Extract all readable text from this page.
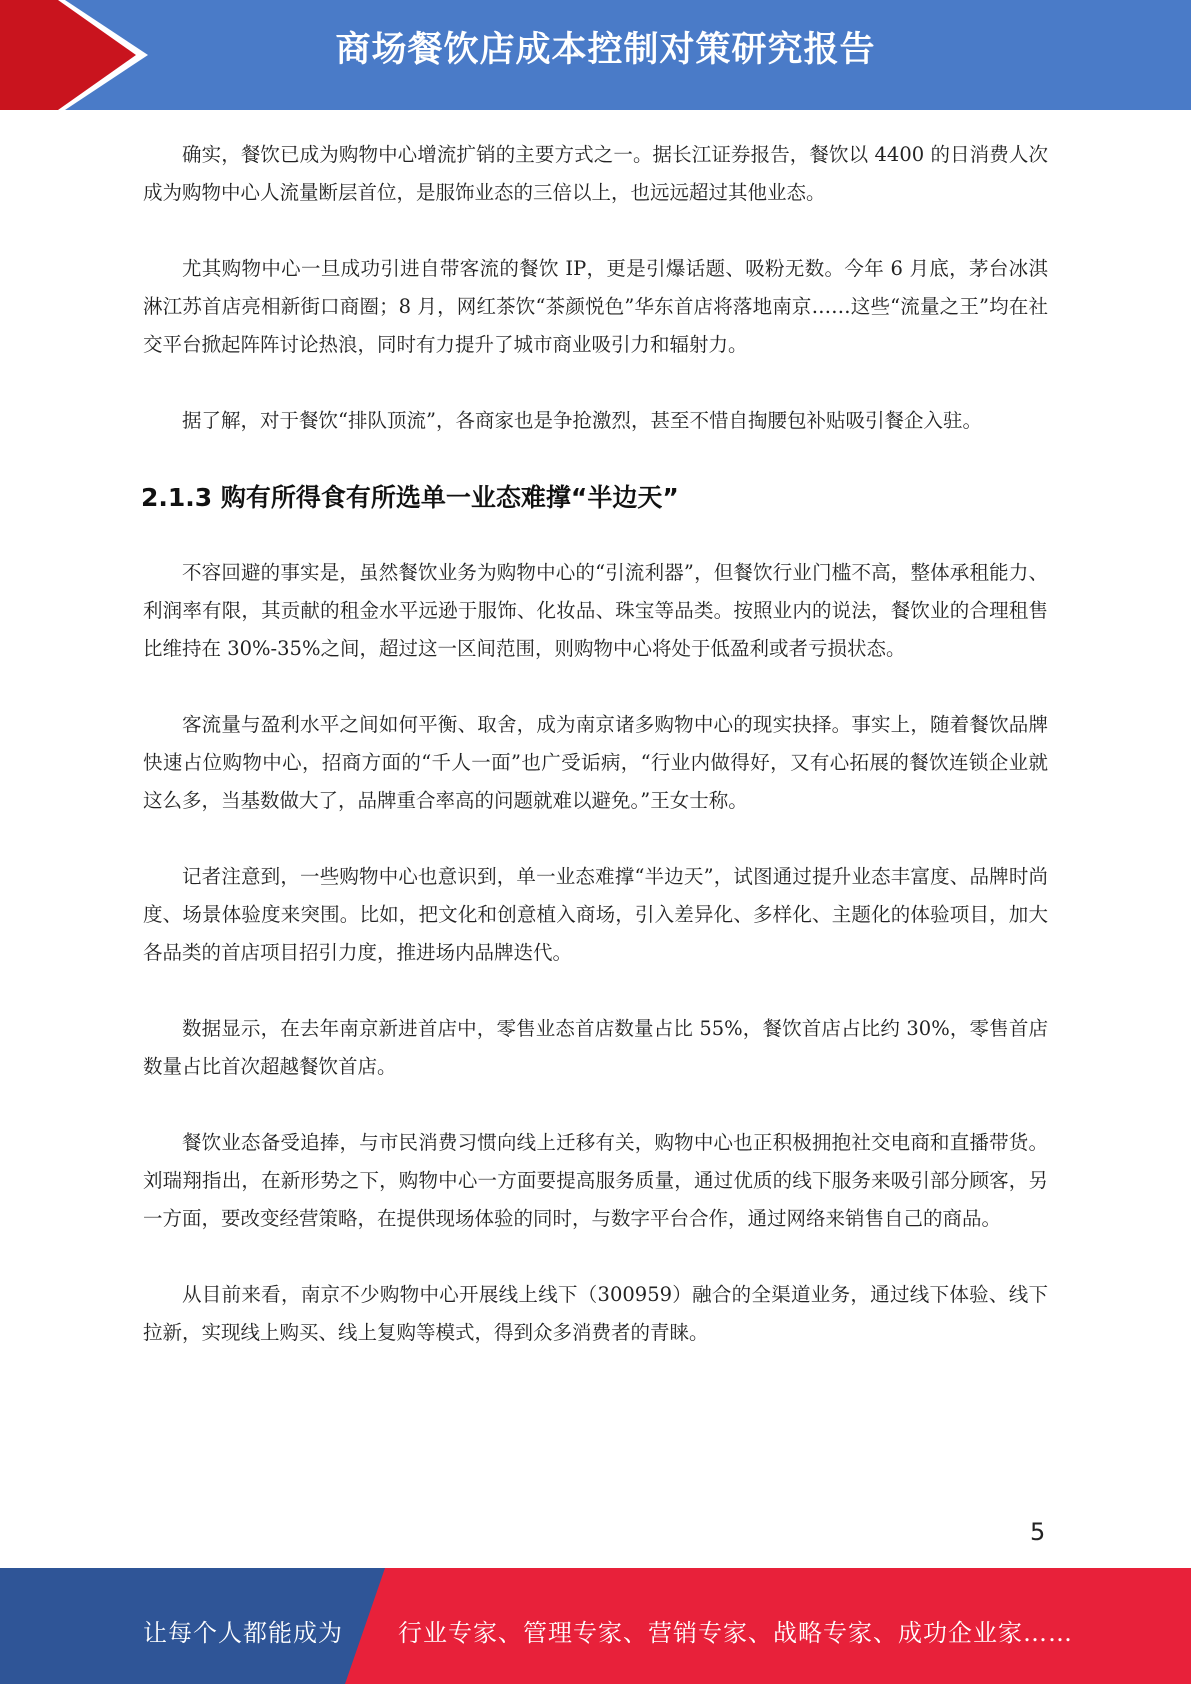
商场餐饮店成本控制对策研究报告

确实，餐饮已成为购物中心增流扩销的主要方式之一。据长江证券报告，餐饮以 4400 的日消费人次成为购物中心人流量断层首位，是服饰业态的三倍以上，也远远超过其他业态。

尤其购物中心一旦成功引进自带客流的餐饮 IP，更是引爆话题、吸粉无数。今年 6 月底，茅台冰淇淋江苏首店亮相新街口商圈；8 月，网红茶饮“茶颜悦色”华东首店将落地南京……这些“流量之王”均在社交平台掀起阵阵讨论热浪，同时有力提升了城市商业吸引力和辐射力。

据了解，对于餐饮“排队顶流”，各商家也是争抢激烈，甚至不惜自掏腰包补贴吸引餐企入驻。

2.1.3 购有所得食有所选单一业态难撑“半边天”

不容回避的事实是，虽然餐饮业务为购物中心的“引流利器”，但餐饮行业门槛不高，整体承租能力、利润率有限，其贡献的租金水平远逊于服饰、化妆品、珠宝等品类。按照业内的说法，餐饮业的合理租售比维持在 30%-35%之间，超过这一区间范围，则购物中心将处于低盈利或者亏损状态。

客流量与盈利水平之间如何平衡、取舍，成为南京诸多购物中心的现实抉择。事实上，随着餐饮品牌快速占位购物中心，招商方面的“千人一面”也广受诟病，“行业内做得好，又有心拓展的餐饮连锁企业就这么多，当基数做大了，品牌重合率高的问题就难以避免。”王女士称。

记者注意到，一些购物中心也意识到，单一业态难撑“半边天”，试图通过提升业态丰富度、品牌时尚度、场景体验度来突围。比如，把文化和创意植入商场，引入差异化、多样化、主题化的体验项目，加大各品类的首店项目招引力度，推进场内品牌迭代。

数据显示，在去年南京新进首店中，零售业态首店数量占比 55%，餐饮首店占比约 30%，零售首店数量占比首次超越餐饮首店。

餐饮业态备受追捧，与市民消费习惯向线上迁移有关，购物中心也正积极拥抱社交电商和直播带货。刘瑞翔指出，在新形势之下，购物中心一方面要提高服务质量，通过优质的线下服务来吸引部分顾客，另一方面，要改变经营策略，在提供现场体验的同时，与数字平台合作，通过网络来销售自己的商品。

从目前来看，南京不少购物中心开展线上线下（300959）融合的全渠道业务，通过线下体验、线下拉新，实现线上购买、线上复购等模式，得到众多消费者的青睐。

5
让每个人都能成为 行业专家、管理专家、营销专家、战略专家、成功企业家……
